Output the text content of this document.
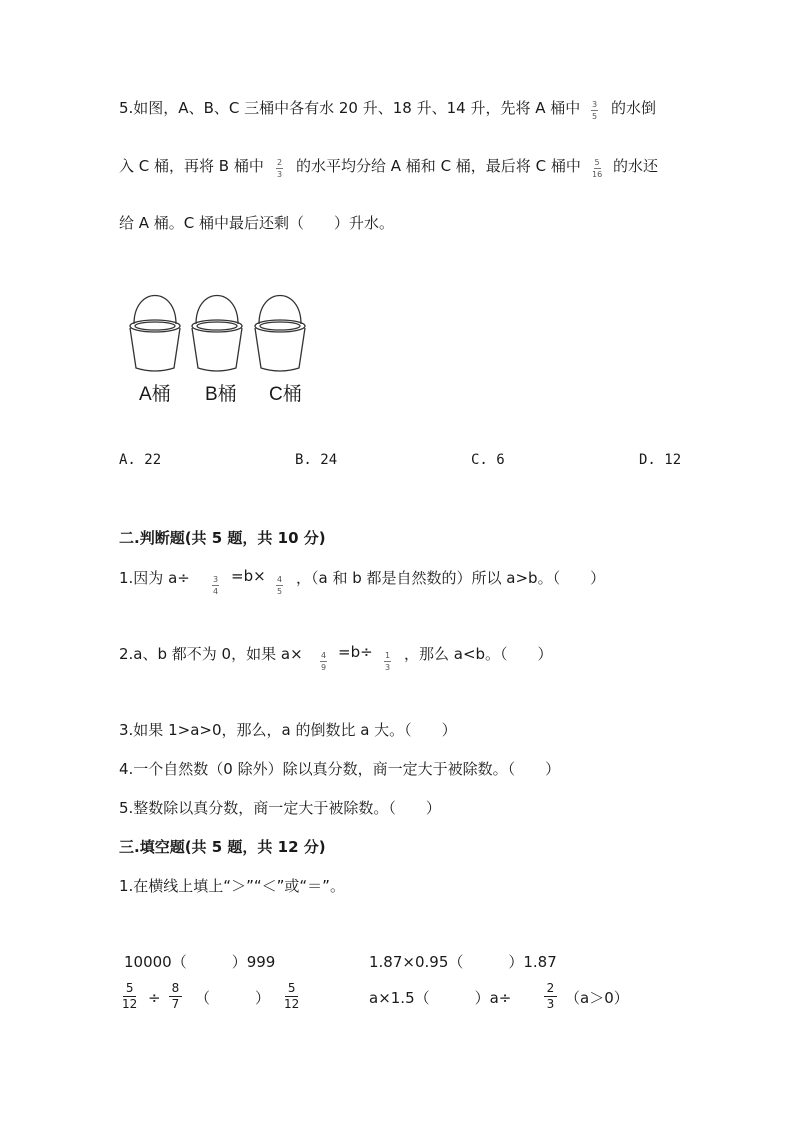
5.如图，A、B、C 三桶中各有水 20 升、18 升、14 升，先将 A 桶中 3
5 的水倒
入 C 桶，再将 B 桶中 2
3 的水平均分给 A 桶和 C 桶，最后将 C 桶中 5
16 的水还
给 A 桶。C 桶中最后还剩（　　）升水。
A桶 B桶 C桶
A. 22	B. 24	C. 6	D. 12
二.判断题(共 5 题，共 10 分)
1.因为 a÷	3
4
=b× 4
5
，（a 和 b 都是自然数的）所以 a>b。（　　）
2.a、b 都不为 0，如果 a× 4
9
=b÷ 1
3
，那么 a<b。（　　）
3.如果 1>a>0，那么，a 的倒数比 a 大。（　　）
4.一个自然数（0 除外）除以真分数，商一定大于被除数。（　　）
5.整数除以真分数，商一定大于被除数。（　　）
三.填空题(共 5 题，共 12 分)
1.在横线上填上“＞”“＜”或“＝”。
10000（　　　）999	1.87×0.95（　　　）1.87
5
12 ÷
8
7 （　　　）
5
12	a×1.5（　　　）a÷
2
3 （a＞0）
